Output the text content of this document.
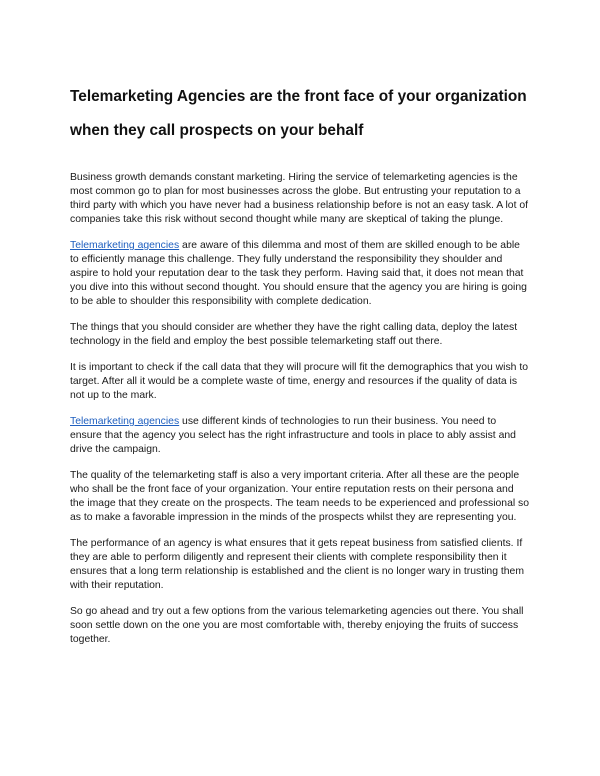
Telemarketing Agencies are the front face of your organization when they call prospects on your behalf

Business growth demands constant marketing. Hiring the service of telemarketing agencies is the most common go to plan for most businesses across the globe. But entrusting your reputation to a third party with which you have never had a business relationship before is not an easy task. A lot of companies take this risk without second thought while many are skeptical of taking the plunge.

Telemarketing agencies are aware of this dilemma and most of them are skilled enough to be able to efficiently manage this challenge. They fully understand the responsibility they shoulder and aspire to hold your reputation dear to the task they perform. Having said that, it does not mean that you dive into this without second thought. You should ensure that the agency you are hiring is going to be able to shoulder this responsibility with complete dedication.

The things that you should consider are whether they have the right calling data, deploy the latest technology in the field and employ the best possible telemarketing staff out there.

It is important to check if the call data that they will procure will fit the demographics that you wish to target. After all it would be a complete waste of time, energy and resources if the quality of data is not up to the mark.

Telemarketing agencies use different kinds of technologies to run their business. You need to ensure that the agency you select has the right infrastructure and tools in place to ably assist and drive the campaign.

The quality of the telemarketing staff is also a very important criteria. After all these are the people who shall be the front face of your organization. Your entire reputation rests on their persona and the image that they create on the prospects. The team needs to be experienced and professional so as to make a favorable impression in the minds of the prospects whilst they are representing you.

The performance of an agency is what ensures that it gets repeat business from satisfied clients. If they are able to perform diligently and represent their clients with complete responsibility then it ensures that a long term relationship is established and the client is no longer wary in trusting them with their reputation.

So go ahead and try out a few options from the various telemarketing agencies out there. You shall soon settle down on the one you are most comfortable with, thereby enjoying the fruits of success together.
